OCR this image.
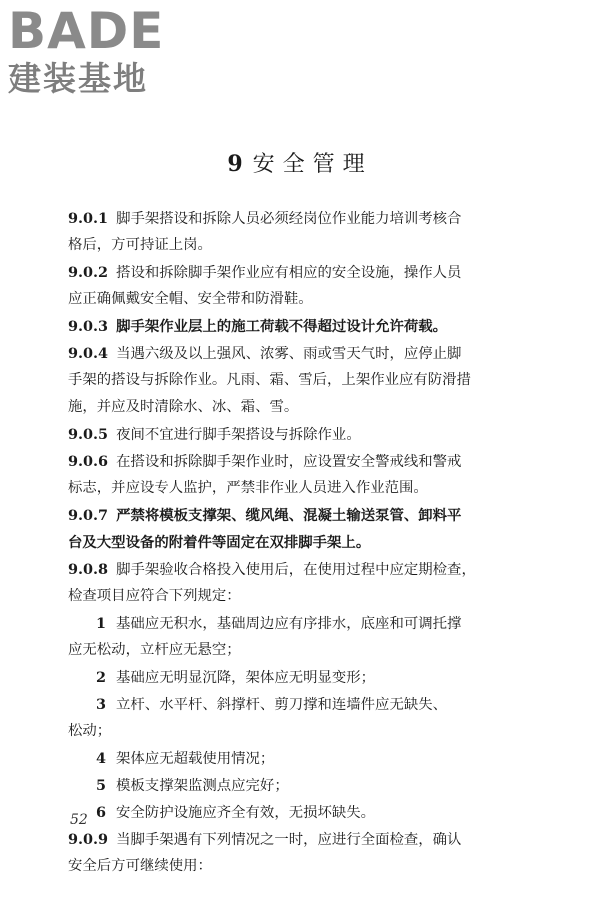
BADE
建装基地
9 安全管理
9.0.1 脚手架搭设和拆除人员必须经岗位作业能力培训考核合
格后，方可持证上岗。
9.0.2 搭设和拆除脚手架作业应有相应的安全设施，操作人员
应正确佩戴安全帽、安全带和防滑鞋。
9.0.3 脚手架作业层上的施工荷载不得超过设计允许荷载。
9.0.4 当遇六级及以上强风、浓雾、雨或雪天气时，应停止脚
手架的搭设与拆除作业。凡雨、霜、雪后，上架作业应有防滑措
施，并应及时清除水、冰、霜、雪。
9.0.5 夜间不宜进行脚手架搭设与拆除作业。
9.0.6 在搭设和拆除脚手架作业时，应设置安全警戒线和警戒
标志，并应设专人监护，严禁非作业人员进入作业范围。
9.0.7 严禁将模板支撑架、缆风绳、混凝土输送泵管、卸料平
台及大型设备的附着件等固定在双排脚手架上。
9.0.8 脚手架验收合格投入使用后，在使用过程中应定期检查，
检查项目应符合下列规定：
1 基础应无积水，基础周边应有序排水，底座和可调托撑
应无松动，立杆应无悬空；
2 基础应无明显沉降，架体应无明显变形；
3 立杆、水平杆、斜撑杆、剪刀撑和连墙件应无缺失、
松动；
4 架体应无超载使用情况；
5 模板支撑架监测点应完好；
6 安全防护设施应齐全有效，无损坏缺失。
9.0.9 当脚手架遇有下列情况之一时，应进行全面检查，确认
安全后方可继续使用：
52
